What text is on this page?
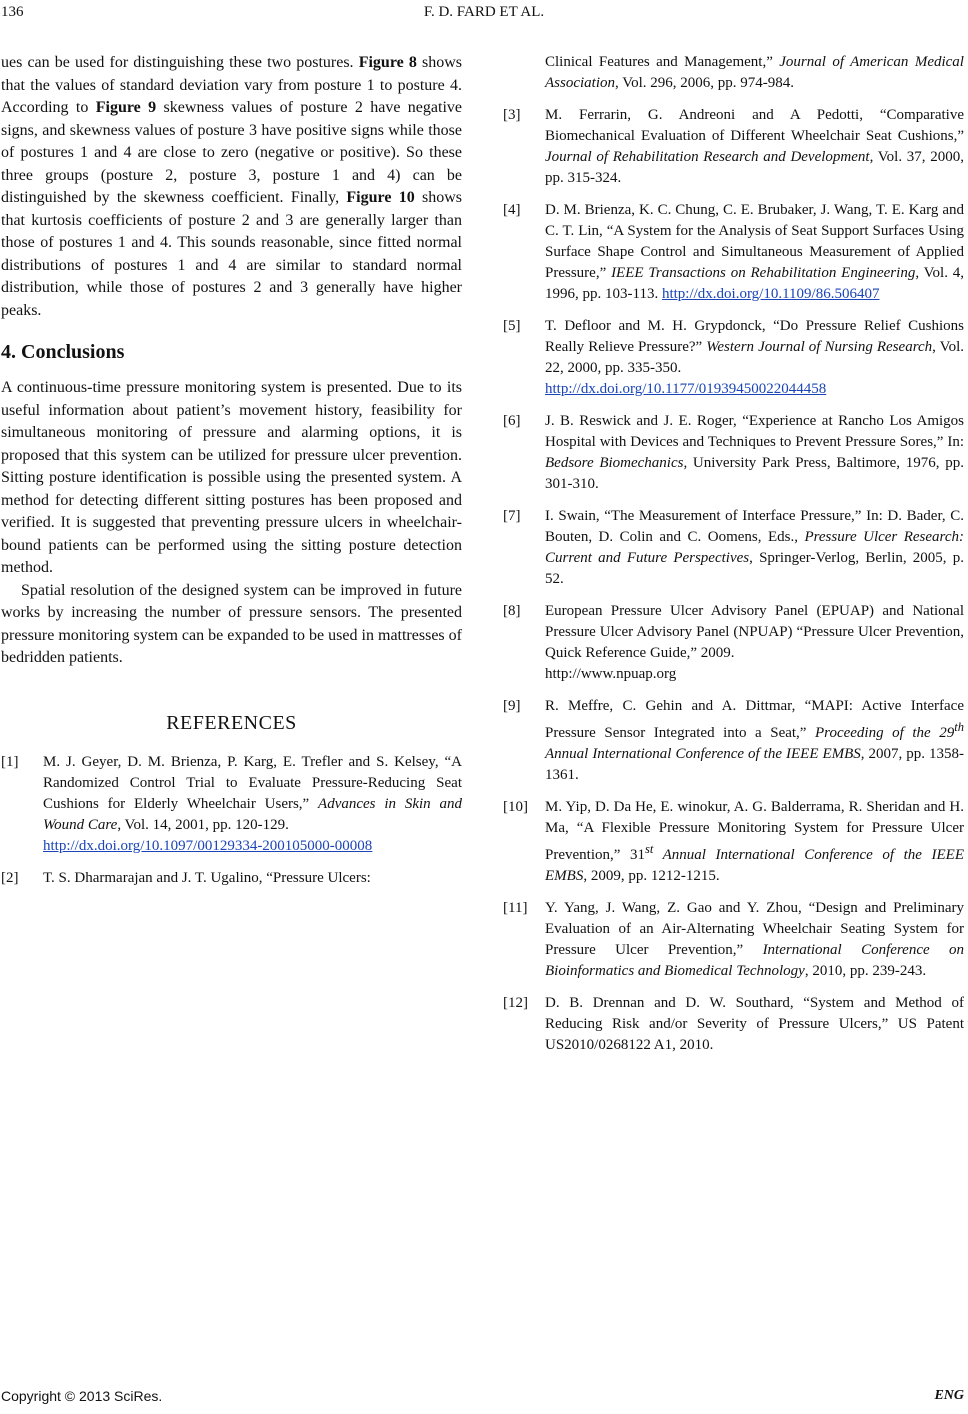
136	F. D. FARD ET AL.

ues can be used for distinguishing these two postures. Figure 8 shows that the values of standard deviation vary from posture 1 to posture 4. According to Figure 9 skewness values of posture 2 have negative signs, and skewness values of posture 3 have positive signs while those of postures 1 and 4 are close to zero (negative or positive). So these three groups (posture 2, posture 3, posture 1 and 4) can be distinguished by the skewness coefficient. Finally, Figure 10 shows that kurtosis coefficients of posture 2 and 3 are generally larger than those of postures 1 and 4. This sounds reasonable, since fitted normal distributions of postures 1 and 4 are similar to standard normal distribution, while those of postures 2 and 3 generally have higher peaks.

4. Conclusions

A continuous-time pressure monitoring system is presented. Due to its useful information about patient’s movement history, feasibility for simultaneous monitoring of pressure and alarming options, it is proposed that this system can be utilized for pressure ulcer prevention. Sitting posture identification is possible using the presented system. A method for detecting different sitting postures has been proposed and verified. It is suggested that preventing pressure ulcers in wheelchair-bound patients can be performed using the sitting posture detection method.

Spatial resolution of the designed system can be improved in future works by increasing the number of pressure sensors. The presented pressure monitoring system can be expanded to be used in mattresses of bedridden patients.

REFERENCES
[1] M. J. Geyer, D. M. Brienza, P. Karg, E. Trefler and S. Kelsey, “A Randomized Control Trial to Evaluate Pressure-Reducing Seat Cushions for Elderly Wheelchair Users,” Advances in Skin and Wound Care, Vol. 14, 2001, pp. 120-129.
http://dx.doi.org/10.1097/00129334-200105000-00008
[2] T. S. Dharmarajan and J. T. Ugalino, “Pressure Ulcers:
Clinical Features and Management,” Journal of American Medical Association, Vol. 296, 2006, pp. 974-984.
[3] M. Ferrarin, G. Andreoni and A Pedotti, “Comparative Biomechanical Evaluation of Different Wheelchair Seat Cushions,” Journal of Rehabilitation Research and Development, Vol. 37, 2000, pp. 315-324.
[4] D. M. Brienza, K. C. Chung, C. E. Brubaker, J. Wang, T. E. Karg and C. T. Lin, “A System for the Analysis of Seat Support Surfaces Using Surface Shape Control and Simultaneous Measurement of Applied Pressure,” IEEE Transactions on Rehabilitation Engineering, Vol. 4, 1996, pp. 103-113. http://dx.doi.org/10.1109/86.506407
[5] T. Defloor and M. H. Grypdonck, “Do Pressure Relief Cushions Really Relieve Pressure?” Western Journal of Nursing Research, Vol. 22, 2000, pp. 335-350.
http://dx.doi.org/10.1177/01939450022044458
[6] J. B. Reswick and J. E. Roger, “Experience at Rancho Los Amigos Hospital with Devices and Techniques to Prevent Pressure Sores,” In: Bedsore Biomechanics, University Park Press, Baltimore, 1976, pp. 301-310.
[7] I. Swain, “The Measurement of Interface Pressure,” In: D. Bader, C. Bouten, D. Colin and C. Oomens, Eds., Pressure Ulcer Research: Current and Future Perspectives, Springer-Verlog, Berlin, 2005, p. 52.
[8] European Pressure Ulcer Advisory Panel (EPUAP) and National Pressure Ulcer Advisory Panel (NPUAP) “Pressure Ulcer Prevention, Quick Reference Guide,” 2009.
http://www.npuap.org
[9] R. Meffre, C. Gehin and A. Dittmar, “MAPI: Active Interface Pressure Sensor Integrated into a Seat,” Proceeding of the 29th Annual International Conference of the IEEE EMBS, 2007, pp. 1358-1361.
[10] M. Yip, D. Da He, E. winokur, A. G. Balderrama, R. Sheridan and H. Ma, “A Flexible Pressure Monitoring System for Pressure Ulcer Prevention,” 31st Annual International Conference of the IEEE EMBS, 2009, pp. 1212-1215.
[11] Y. Yang, J. Wang, Z. Gao and Y. Zhou, “Design and Preliminary Evaluation of an Air-Alternating Wheelchair Seating System for Pressure Ulcer Prevention,” International Conference on Bioinformatics and Biomedical Technology, 2010, pp. 239-243.
[12] D. B. Drennan and D. W. Southard, “System and Method of Reducing Risk and/or Severity of Pressure Ulcers,” US Patent US2010/0268122 A1, 2010.
Copyright © 2013 SciRes.	ENG
